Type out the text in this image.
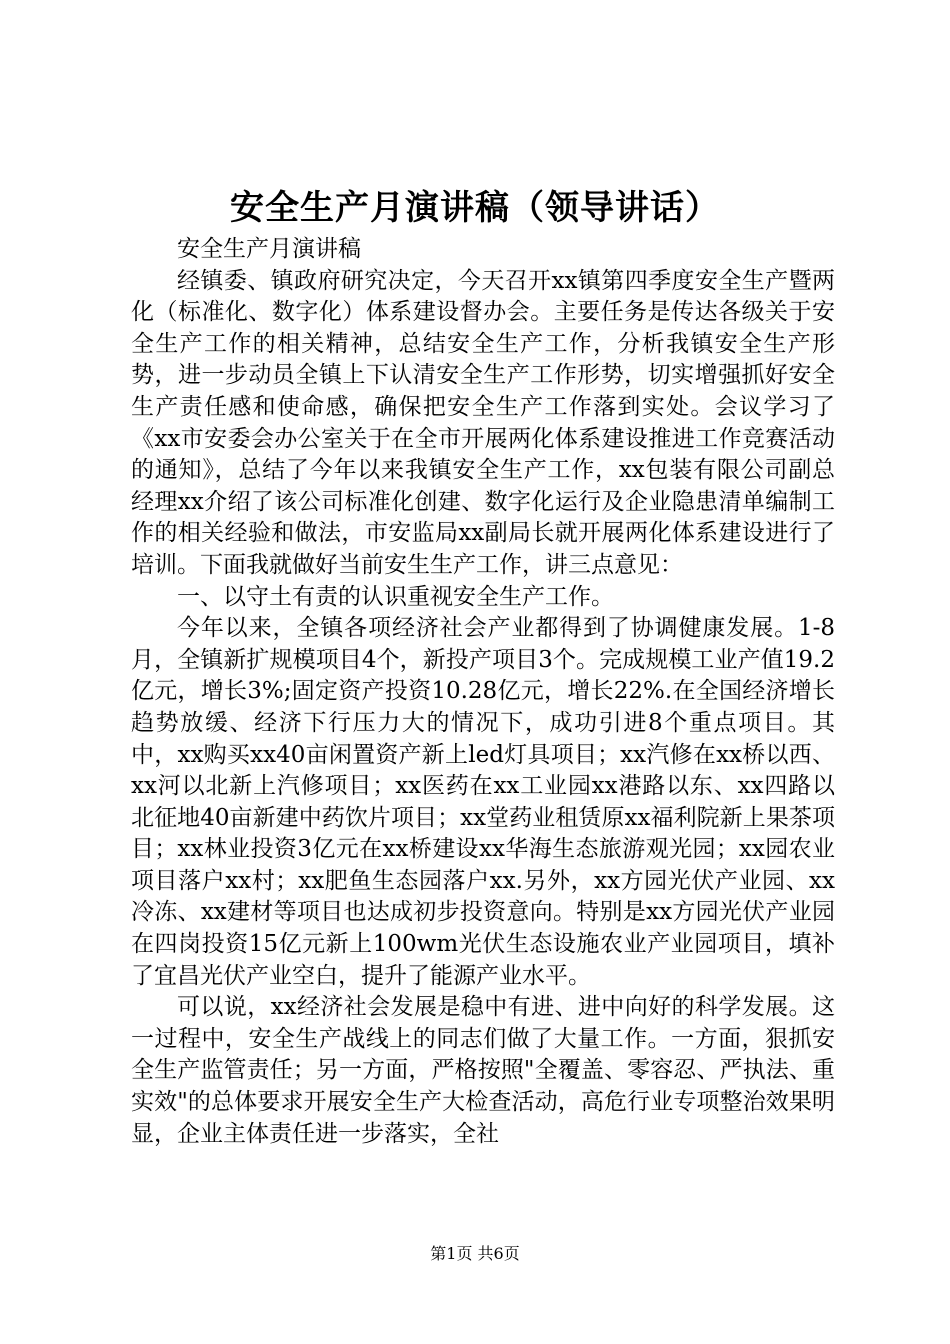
安全生产月演讲稿（领导讲话）

安全生产月演讲稿

经镇委、镇政府研究决定，今天召开xx镇第四季度安全生产暨两化（标准化、数字化）体系建设督办会。主要任务是传达各级关于安全生产工作的相关精神，总结安全生产工作，分析我镇安全生产形势，进一步动员全镇上下认清安全生产工作形势，切实增强抓好安全生产责任感和使命感，确保把安全生产工作落到实处。会议学习了《xx市安委会办公室关于在全市开展两化体系建设推进工作竞赛活动的通知》，总结了今年以来我镇安全生产工作，xx包装有限公司副总经理xx介绍了该公司标准化创建、数字化运行及企业隐患清单编制工作的相关经验和做法，市安监局xx副局长就开展两化体系建设进行了培训。下面我就做好当前安生生产工作，讲三点意见：

一、以守土有责的认识重视安全生产工作。

今年以来，全镇各项经济社会产业都得到了协调健康发展。1-8月，全镇新扩规模项目4个，新投产项目3个。完成规模工业产值19.2亿元，增长3%;固定资产投资10.28亿元，增长22%.在全国经济增长趋势放缓、经济下行压力大的情况下，成功引进8个重点项目。其中，xx购买xx40亩闲置资产新上led灯具项目；xx汽修在xx桥以西、xx河以北新上汽修项目；xx医药在xx工业园xx港路以东、xx四路以北征地40亩新建中药饮片项目；xx堂药业租赁原xx福利院新上果茶项目；xx林业投资3亿元在xx桥建设xx华海生态旅游观光园；xx园农业项目落户xx村；xx肥鱼生态园落户xx.另外，xx方园光伏产业园、xx冷冻、xx建材等项目也达成初步投资意向。特别是xx方园光伏产业园在四岗投资15亿元新上100wm光伏生态设施农业产业园项目，填补了宜昌光伏产业空白，提升了能源产业水平。

可以说，xx经济社会发展是稳中有进、进中向好的科学发展。这一过程中，安全生产战线上的同志们做了大量工作。一方面，狠抓安全生产监管责任；另一方面，严格按照"全覆盖、零容忍、严执法、重实效"的总体要求开展安全生产大检查活动，高危行业专项整治效果明显，企业主体责任进一步落实，全社

第1页 共6页
